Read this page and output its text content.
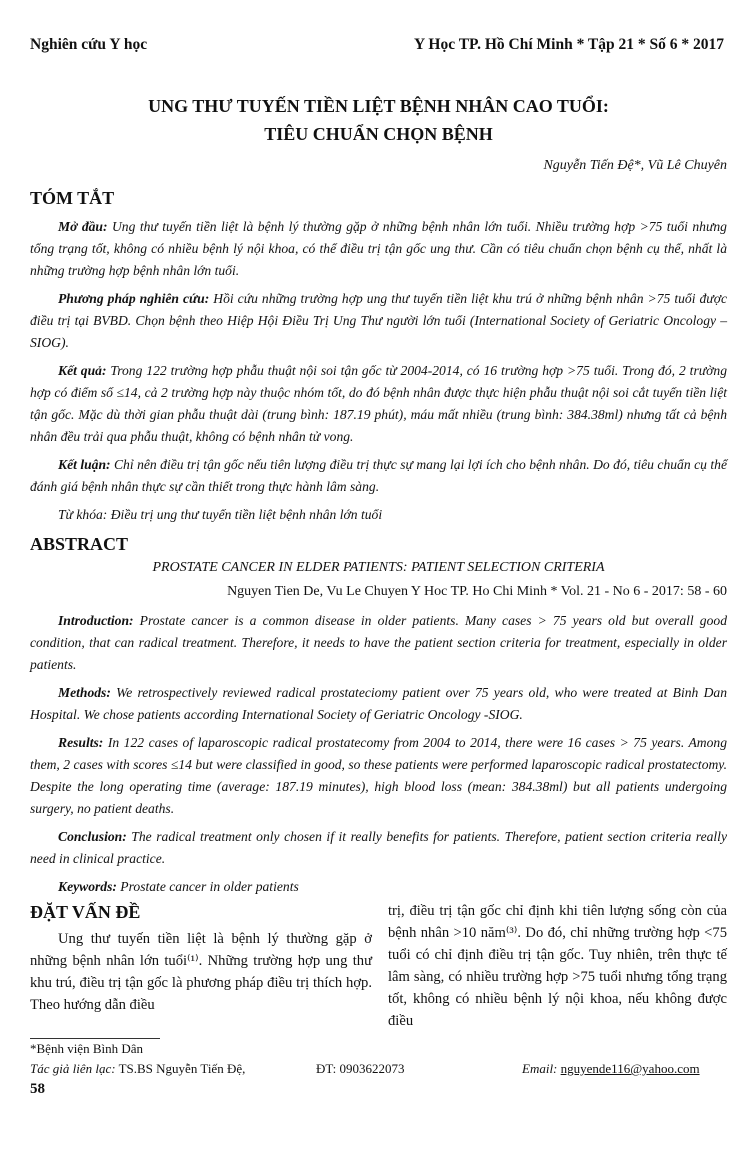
Nghiên cứu Y học	Y Học TP. Hồ Chí Minh * Tập 21 * Số 6 * 2017
UNG THƯ TUYẾN TIỀN LIỆT BỆNH NHÂN CAO TUỔI:
TIÊU CHUẨN CHỌN BỆNH
Nguyễn Tiến Đệ*, Vũ Lê Chuyên
TÓM TẮT

Mở đầu: Ung thư tuyến tiền liệt là bệnh lý thường gặp ở những bệnh nhân lớn tuổi. Nhiều trường hợp >75 tuổi nhưng tổng trạng tốt, không có nhiều bệnh lý nội khoa, có thể điều trị tận gốc ung thư. Cần có tiêu chuẩn chọn bệnh cụ thể, nhất là những trường hợp bệnh nhân lớn tuổi.

Phương pháp nghiên cứu: Hồi cứu những trường hợp ung thư tuyến tiền liệt khu trú ở những bệnh nhân >75 tuổi được điều trị tại BVBD. Chọn bệnh theo Hiệp Hội Điều Trị Ung Thư người lớn tuổi (International Society of Geriatric Oncology –SIOG).

Kết quả: Trong 122 trường hợp phẫu thuật nội soi tận gốc từ 2004-2014, có 16 trường hợp >75 tuổi. Trong đó, 2 trường hợp có điểm số ≤14, cả 2 trường hợp này thuộc nhóm tốt, do đó bệnh nhân được thực hiện phẫu thuật nội soi cắt tuyến tiền liệt tận gốc. Mặc dù thời gian phẫu thuật dài (trung bình: 187.19 phút), máu mất nhiều (trung bình: 384.38ml) nhưng tất cả bệnh nhân đều trải qua phẫu thuật, không có bệnh nhân tử vong.

Kết luận: Chỉ nên điều trị tận gốc nếu tiên lượng điều trị thực sự mang lại lợi ích cho bệnh nhân. Do đó, tiêu chuẩn cụ thể đánh giá bệnh nhân thực sự cần thiết trong thực hành lâm sàng.

Từ khóa: Điều trị ung thư tuyến tiền liệt bệnh nhân lớn tuổi

ABSTRACT
PROSTATE CANCER IN ELDER PATIENTS: PATIENT SELECTION CRITERIA
Nguyen Tien De, Vu Le Chuyen Y Hoc TP. Ho Chi Minh * Vol. 21 - No 6 - 2017: 58 - 60

Introduction: Prostate cancer is a common disease in older patients. Many cases > 75 years old but overall good condition, that can radical treatment. Therefore, it needs to have the patient section criteria for treatment, especially in older patients.

Methods: We retrospectively reviewed radical prostateciomy patient over 75 years old, who were treated at Binh Dan Hospital. We chose patients according International Society of Geriatric Oncology -SIOG.

Results: In 122 cases of laparoscopic radical prostatecomy from 2004 to 2014, there were 16 cases > 75 years. Among them, 2 cases with scores ≤14 but were classified in good, so these patients were performed laparoscopic radical prostatectomy. Despite the long operating time (average: 187.19 minutes), high blood loss (mean: 384.38ml) but all patients undergoing surgery, no patient deaths.

Conclusion: The radical treatment only chosen if it really benefits for patients. Therefore, patient section criteria really need in clinical practice.

Keywords: Prostate cancer in older patients

ĐẶT VẤN ĐỀ

Ung thư tuyến tiền liệt là bệnh lý thường gặp ở những bệnh nhân lớn tuổi⁽¹⁾. Những trường hợp ung thư khu trú, điều trị tận gốc là phương pháp điều trị thích hợp. Theo hướng dẫn điều

trị, điều trị tận gốc chỉ định khi tiên lượng sống còn của bệnh nhân >10 năm⁽³⁾. Do đó, chỉ những trường hợp <75 tuổi có chỉ định điều trị tận gốc. Tuy nhiên, trên thực tế lâm sàng, có nhiều trường hợp >75 tuổi nhưng tổng trạng tốt, không có nhiều bệnh lý nội khoa, nếu không được điều

*Bệnh viện Bình Dân
Tác giả liên lạc: TS.BS Nguyễn Tiến Đệ,	ĐT: 0903622073	Email: nguyende116@yahoo.com
58
